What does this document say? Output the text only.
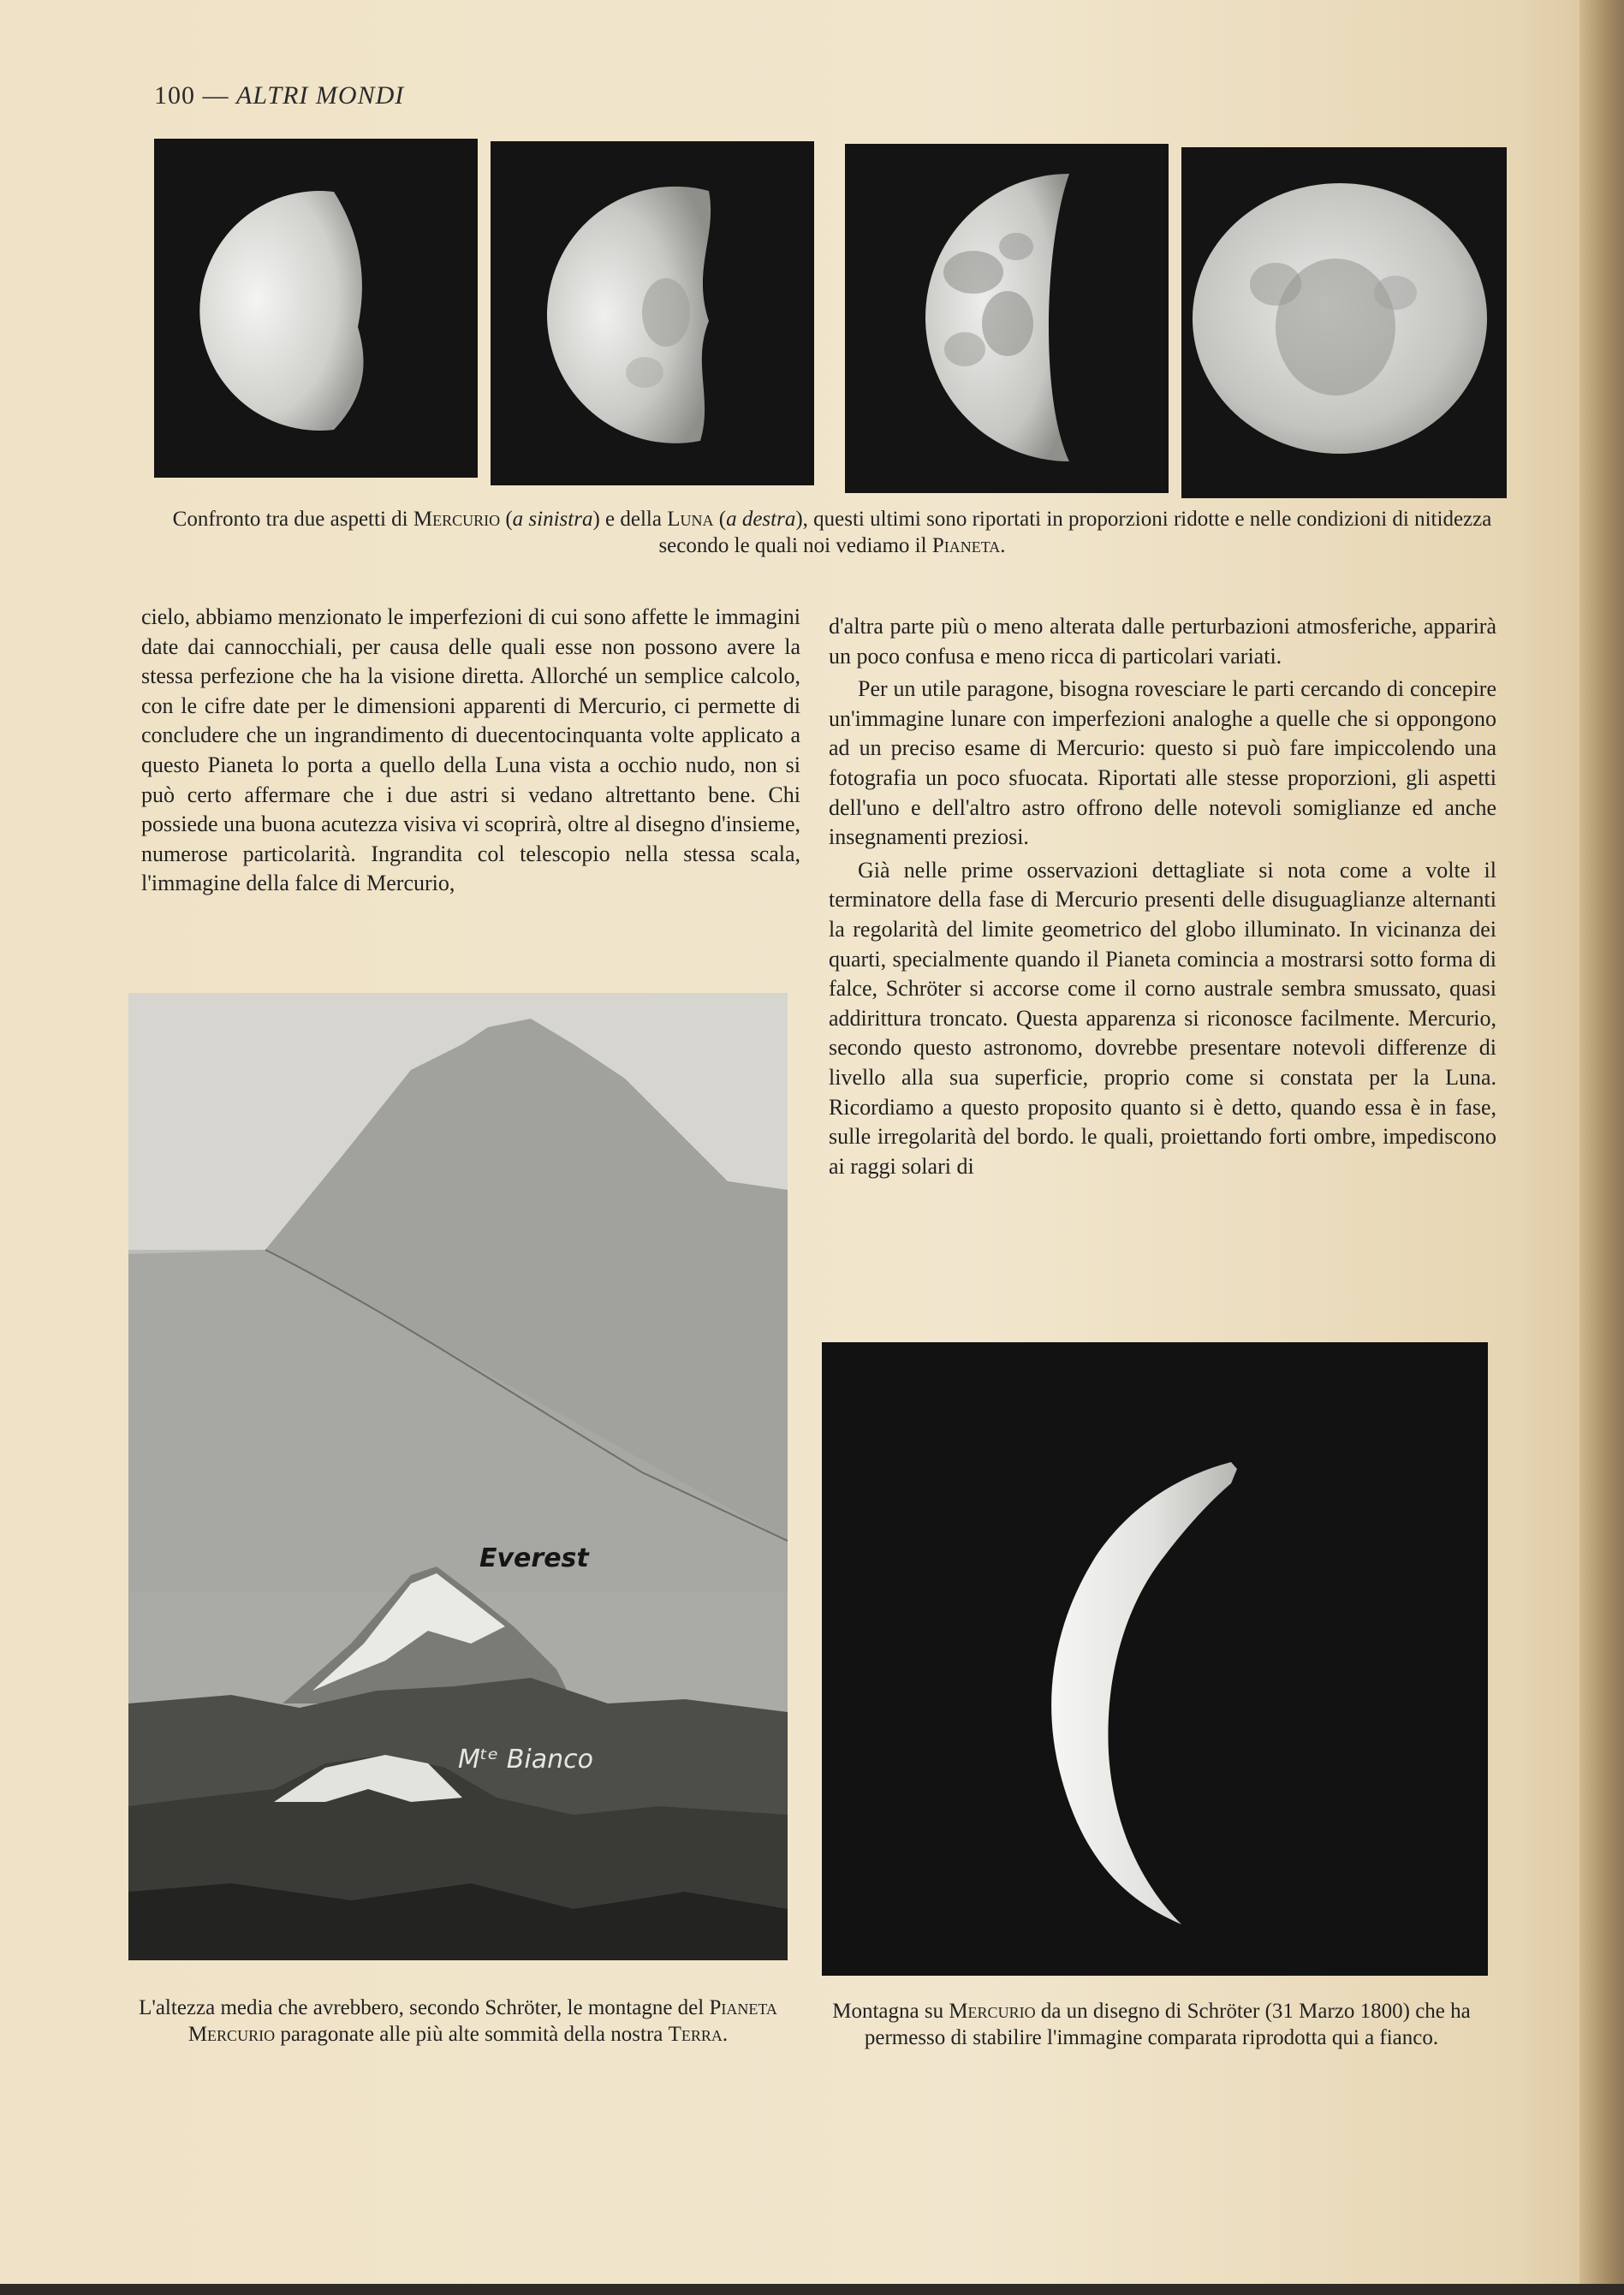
100 — ALTRI MONDI
Confronto tra due aspetti di Mercurio (a sinistra) e della Luna (a destra), questi ultimi sono riportati in proporzioni ridotte e nelle condizioni di nitidezza secondo le quali noi vediamo il Pianeta.

cielo, abbiamo menzionato le imperfezioni di cui sono affette le immagini date dai cannocchiali, per causa delle quali esse non possono avere la stessa perfezione che ha la visione diretta. Allorché un semplice calcolo, con le cifre date per le dimensioni apparenti di Mercurio, ci permette di concludere che un ingrandimento di duecentocinquanta volte applicato a questo Pianeta lo porta a quello della Luna vista a occhio nudo, non si può certo affermare che i due astri si vedano altrettanto bene. Chi possiede una buona acutezza visiva vi scoprirà, oltre al disegno d'insieme, numerose particolarità. Ingrandita col telescopio nella stessa scala, l'immagine della falce di Mercurio,

d'altra parte più o meno alterata dalle perturbazioni atmosferiche, apparirà un poco confusa e meno ricca di particolari variati.

Per un utile paragone, bisogna rovesciare le parti cercando di concepire un'immagine lunare con imperfezioni analoghe a quelle che si oppongono ad un preciso esame di Mercurio: questo si può fare impiccolendo una fotografia un poco sfuocata. Riportati alle stesse proporzioni, gli aspetti dell'uno e dell'altro astro offrono delle notevoli somiglianze ed anche insegnamenti preziosi.

Già nelle prime osservazioni dettagliate si nota come a volte il terminatore della fase di Mercurio presenti delle disuguaglianze alternanti la regolarità del limite geometrico del globo illuminato. In vicinanza dei quarti, specialmente quando il Pianeta comincia a mostrarsi sotto forma di falce, Schröter si accorse come il corno australe sembra smussato, quasi addirittura troncato. Questa apparenza si riconosce facilmente. Mercurio, secondo questo astronomo, dovrebbe presentare notevoli differenze di livello alla sua superficie, proprio come si constata per la Luna. Ricordiamo a questo proposito quanto si è detto, quando essa è in fase, sulle irregolarità del bordo. le quali, proiettando forti ombre, impediscono ai raggi solari di

Everest
Mᵗᵉ Bianco
L'altezza media che avrebbero, secondo Schröter, le montagne del Pianeta Mercurio paragonate alle più alte sommità della nostra Terra.
Montagna su Mercurio da un disegno di Schröter (31 Marzo 1800) che ha permesso di stabilire l'immagine comparata riprodotta qui a fianco.
